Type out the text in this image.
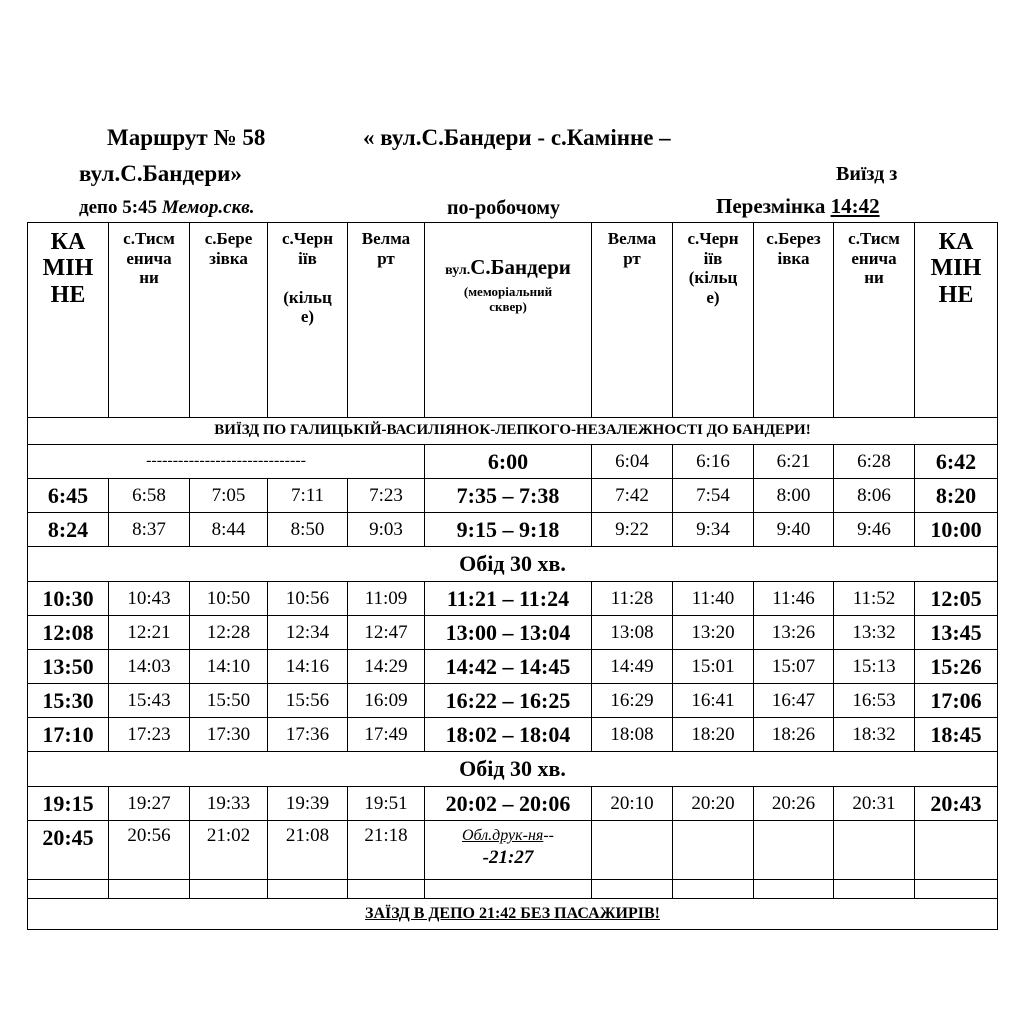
Маршрут № 58	« вул.С.Бандери - с.Камінне –
вул.С.Бандери»	Виїзд з
депо 5:45 Мемор.скв.	по-робочому	Перезмінка 14:42
КА
МІН
НЕ	с.Тисм
енича
ни	с.Бере
зівка	с.Черн
іїв

(кільц
е)	Велма
рт	вул.С.Бандери
(меморіальний
сквер)	Велма
рт	с.Черн
іїв
(кільц
е)	с.Берез
івка	с.Тисм
енича
ни	КА
МІН
НЕ
ВИЇЗД ПО ГАЛИЦЬКІЙ-ВАСИЛІЯНОК-ЛЕПКОГО-НЕЗАЛЕЖНОСТІ ДО БАНДЕРИ!										
------------------------------					6:00	6:04	6:16	6:21	6:28	6:42
6:45	6:58	7:05	7:11	7:23	7:35 – 7:38	7:42	7:54	8:00	8:06	8:20
8:24	8:37	8:44	8:50	9:03	9:15 – 9:18	9:22	9:34	9:40	9:46	10:00
Обід 30 хв.										
10:30	10:43	10:50	10:56	11:09	11:21 – 11:24	11:28	11:40	11:46	11:52	12:05
12:08	12:21	12:28	12:34	12:47	13:00 – 13:04	13:08	13:20	13:26	13:32	13:45
13:50	14:03	14:10	14:16	14:29	14:42 – 14:45	14:49	15:01	15:07	15:13	15:26
15:30	15:43	15:50	15:56	16:09	16:22 – 16:25	16:29	16:41	16:47	16:53	17:06
17:10	17:23	17:30	17:36	17:49	18:02 – 18:04	18:08	18:20	18:26	18:32	18:45
Обід 30 хв.										
19:15	19:27	19:33	19:39	19:51	20:02 – 20:06	20:10	20:20	20:26	20:31	20:43
20:45	20:56	21:02	21:08	21:18	Обл.друк-ня--
-21:27					

ЗАЇЗД В ДЕПО 21:42 БЕЗ ПАСАЖИРІВ!										
